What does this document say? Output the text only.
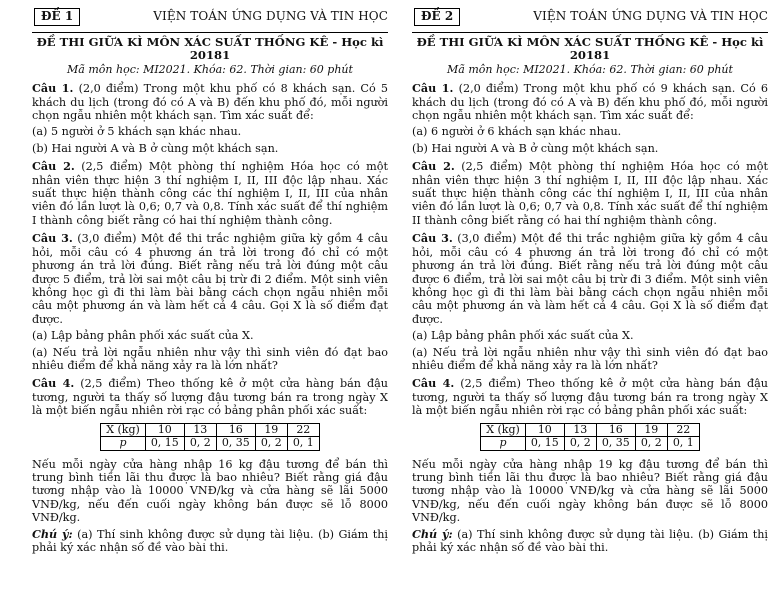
ĐỀ 1	VIỆN TOÁN ỨNG DỤNG VÀ TIN HỌC
ĐỀ THI GIỮA KÌ MÔN XÁC SUẤT THỐNG KÊ - Học kì 20181
Mã môn học: MI2021. Khóa: 62. Thời gian: 60 phút

Câu 1. (2,0 điểm) Trong một khu phố có 8 khách sạn. Có 5 khách du lịch (trong đó có A và B) đến khu phố đó, mỗi người chọn ngẫu nhiên một khách sạn. Tìm xác suất để:

(a) 5 người ở 5 khách sạn khác nhau.

(b) Hai người A và B ở cùng một khách sạn.

Câu 2. (2,5 điểm) Một phòng thí nghiệm Hóa học có một nhân viên thực hiện 3 thí nghiệm I, II, III độc lập nhau. Xác suất thực hiện thành công các thí nghiệm I, II, III của nhân viên đó lần lượt là 0,6; 0,7 và 0,8. Tính xác suất để thí nghiệm I thành công biết rằng có hai thí nghiệm thành công.

Câu 3. (3,0 điểm) Một đề thi trắc nghiệm giữa kỳ gồm 4 câu hỏi, mỗi câu có 4 phương án trả lời trong đó chỉ có một phương án trả lời đúng. Biết rằng nếu trả lời đúng một câu được 5 điểm, trả lời sai một câu bị trừ đi 2 điểm. Một sinh viên không học gì đi thi làm bài bằng cách chọn ngẫu nhiên mỗi câu một phương án và làm hết cả 4 câu. Gọi X là số điểm đạt được.

(a) Lập bảng phân phối xác suất của X.

(a) Nếu trả lời ngẫu nhiên như vậy thì sinh viên đó đạt bao nhiêu điểm để khả năng xảy ra là lớn nhất?

Câu 4. (2,5 điểm) Theo thống kê ở một cửa hàng bán đậu tương, người ta thấy số lượng đậu tương bán ra trong ngày X là một biến ngẫu nhiên rời rạc có bảng phân phối xác suất:

X (kg)	10	13	16	19	22
p	0, 15	0, 2	0, 35	0, 2	0, 1

Nếu mỗi ngày cửa hàng nhập 16 kg đậu tương để bán thì trung bình tiền lãi thu được là bao nhiêu? Biết rằng giá đậu tương nhập vào là 10000 VNĐ/kg và cửa hàng sẽ lãi 5000 VNĐ/kg, nếu đến cuối ngày không bán được sẽ lỗ 8000 VNĐ/kg.

Chú ý: (a) Thí sinh không được sử dụng tài liệu. (b) Giám thị phải ký xác nhận số đề vào bài thi.

ĐỀ 2	VIỆN TOÁN ỨNG DỤNG VÀ TIN HỌC
ĐỀ THI GIỮA KÌ MÔN XÁC SUẤT THỐNG KÊ - Học kì 20181
Mã môn học: MI2021. Khóa: 62. Thời gian: 60 phút

Câu 1. (2,0 điểm) Trong một khu phố có 9 khách sạn. Có 6 khách du lịch (trong đó có A và B) đến khu phố đó, mỗi người chọn ngẫu nhiên một khách sạn. Tìm xác suất để:

(a) 6 người ở 6 khách sạn khác nhau.

(b) Hai người A và B ở cùng một khách sạn.

Câu 2. (2,5 điểm) Một phòng thí nghiệm Hóa học có một nhân viên thực hiện 3 thí nghiệm I, II, III độc lập nhau. Xác suất thực hiện thành công các thí nghiệm I, II, III của nhân viên đó lần lượt là 0,6; 0,7 và 0,8. Tính xác suất để thí nghiệm II thành công biết rằng có hai thí nghiệm thành công.

Câu 3. (3,0 điểm) Một đề thi trắc nghiệm giữa kỳ gồm 4 câu hỏi, mỗi câu có 4 phương án trả lời trong đó chỉ có một phương án trả lời đúng. Biết rằng nếu trả lời đúng một câu được 6 điểm, trả lời sai một câu bị trừ đi 3 điểm. Một sinh viên không học gì đi thi làm bài bằng cách chọn ngẫu nhiên mỗi câu một phương án và làm hết cả 4 câu. Gọi X là số điểm đạt được.

(a) Lập bảng phân phối xác suất của X.

(a) Nếu trả lời ngẫu nhiên như vậy thì sinh viên đó đạt bao nhiêu điểm để khả năng xảy ra là lớn nhất?

Câu 4. (2,5 điểm) Theo thống kê ở một cửa hàng bán đậu tương, người ta thấy số lượng đậu tương bán ra trong ngày X là một biến ngẫu nhiên rời rạc có bảng phân phối xác suất:

X (kg)	10	13	16	19	22
p	0, 15	0, 2	0, 35	0, 2	0, 1

Nếu mỗi ngày cửa hàng nhập 19 kg đậu tương để bán thì trung bình tiền lãi thu được là bao nhiêu? Biết rằng giá đậu tương nhập vào là 10000 VNĐ/kg và cửa hàng sẽ lãi 5000 VNĐ/kg, nếu đến cuối ngày không bán được sẽ lỗ 8000 VNĐ/kg.

Chú ý: (a) Thí sinh không được sử dụng tài liệu. (b) Giám thị phải ký xác nhận số đề vào bài thi.
